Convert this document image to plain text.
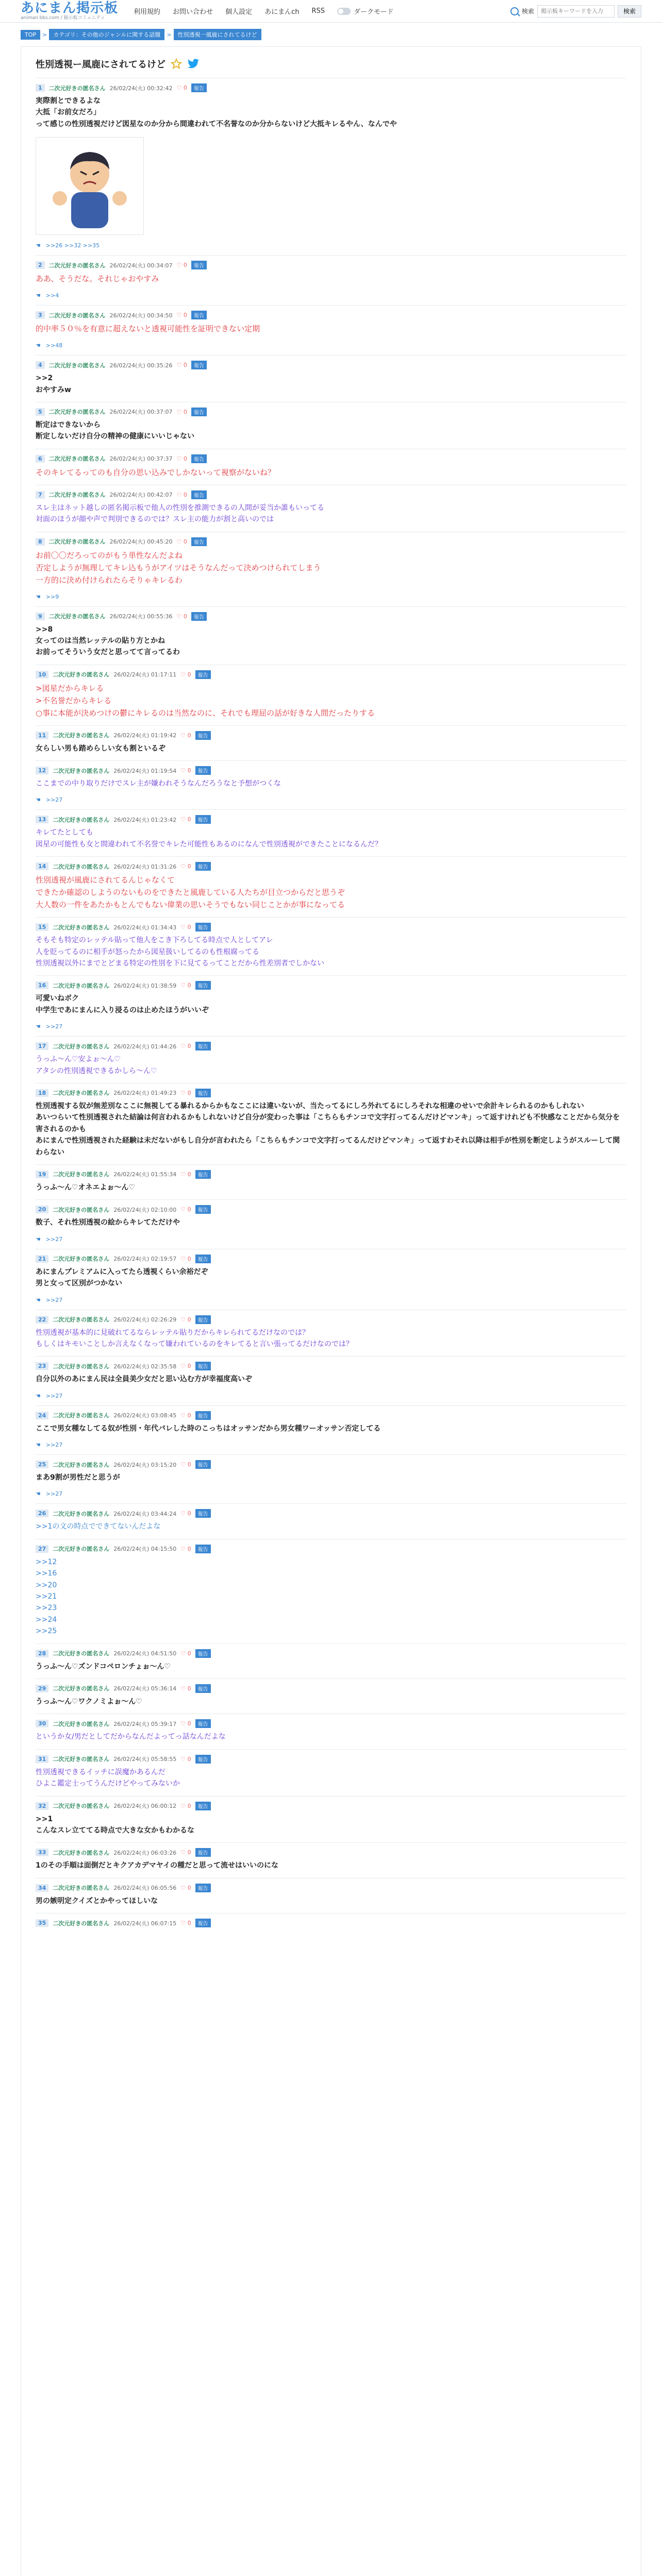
あにまん掲示板
animan bbs.com / 掲示板コミュニティ
利用規約 お問い合わせ 個人設定 あにまんch RSS	ダークモード	検索
掲示板キーワードを入力	検索
TOP	>	カテゴリ：その他のジャンルに関する話題	>	性別透視一風鹿にされてるけど
性別透視ー風鹿にされてるけど
1	二次元好きの匿名さん 26/02/24(火) 00:32:42 ♡ 0	報告
実際割とできるよな
大抵「お前女だろ」
って感じの性別透視だけど図星なのか分から間違われて不名誉なのか分からないけど大抵キレるやん、なんでや
☚ >>26 >>32 >>35
2	二次元好きの匿名さん 26/02/24(火) 00:34:07 ♡ 0	報告
ああ、そうだな。それじゃおやすみ
☚ >>4
3	二次元好きの匿名さん 26/02/24(火) 00:34:50 ♡ 0	報告
的中率５０％を有意に超えないと透視可能性を証明できない定期
☚ >>48
4	二次元好きの匿名さん 26/02/24(火) 00:35:26 ♡ 0	報告
>>2
おやすみw
5	二次元好きの匿名さん 26/02/24(火) 00:37:07 ♡ 0	報告
断定はできないから
断定しないだけ自分の精神の健康にいいじゃない
6	二次元好きの匿名さん 26/02/24(火) 00:37:37 ♡ 0	報告
そのキレてるってのも自分の思い込みでしかないって視察がないね？
7	二次元好きの匿名さん 26/02/24(火) 00:42:07 ♡ 0	報告
スレ主はネット越しの匿名掲示板で他人の性別を推測できるの人間が妥当か誰もいってる
対面のほうが顔や声で判別できるのでは？スレ主の能力が割と高いのでは
8	二次元好きの匿名さん 26/02/24(火) 00:45:20 ♡ 0	報告
お前〇〇だろってのがもう単性なんだよね
否定しようが無理してキレ込もうがアイツはそうなんだって決めつけられてしまう
一方的に決め付けられたらそりゃキレるわ
☚ >>9
9	二次元好きの匿名さん 26/02/24(火) 00:55:36 ♡ 0	報告
>>8
女ってのは当然レッテルの貼り方とかね
お前ってそういう女だと思ってて言ってるわ
10	二次元好きの匿名さん 26/02/24(火) 01:17:11 ♡ 0	報告
>図星だからキレる
>不名誉だからキレる
○事に本能が決めつけの鬱にキレるのは当然なのに、それでも理屈の話が好きな人間だったりする
11	二次元好きの匿名さん 26/02/24(火) 01:19:42 ♡ 0	報告
女らしい男も踏めらしい女も割といるぞ
12	二次元好きの匿名さん 26/02/24(火) 01:19:54 ♡ 0	報告
ここまでの中り取りだけでスレ主が嫌われそうなんだろうなと予想がつくな
☚ >>27
13	二次元好きの匿名さん 26/02/24(火) 01:23:42 ♡ 0	報告
キレてたとしても
図星の可能性も女と間違われて不名誉でキレた可能性もあるのになんで性別透視ができたことになるんだ？
14	二次元好きの匿名さん 26/02/24(火) 01:31:26 ♡ 0	報告
性別透視が風鹿にされてるんじゃなくて
できたか確認のしようのないものをできたと風鹿している人たちが目立つからだと思うぞ
大人数の一件をあたかもとんでもない偉業の思いそうでもない同じことかが事になってる
15	二次元好きの匿名さん 26/02/24(火) 01:34:43 ♡ 0	報告
そもそも特定のレッテル貼って他人をこき下ろしてる時点で人としてアレ
人を貶ってるのに相手が怒ったから図星扱いしてるのも性根腐ってる
性別透視以外にまでとどまる特定の性別を下に見てるってことだから性差別者でしかない
16	二次元好きの匿名さん 26/02/24(火) 01:38:59 ♡ 0	報告
可愛いねボク
中学生であにまんに入り浸るのは止めたほうがいいぞ
☚ >>27
17	二次元好きの匿名さん 26/02/24(火) 01:44:26 ♡ 0	報告
うっふ〜ん♡安よぉ〜ん♡
アタシの性別透視できるかしら〜ん♡
18	二次元好きの匿名さん 26/02/24(火) 01:49:23 ♡ 0	報告
性別透視する奴が無差別なここに無視してる暴れるからかもなここには違いないが、当たってるにしろ外れてるにしろそれな相違のせいで余計キレられるのかもしれない
あいつらいて性別透視された結論は何言われるかもしれないけど自分が変わった事は「こちらもチンコで文字打ってるんだけどマンキ」って返すけれども不快感なことだから気分を害されるのかも
あにまんで性別透視された経験は未だないがもし自分が言われたら「こちらもチンコで文字打ってるんだけどマンキ」って返すわそれ以降は相手が性別を断定しようがスルーして関わらない
19	二次元好きの匿名さん 26/02/24(火) 01:55:34 ♡ 0	報告
うっふ〜ん♡オネエよぉ〜ん♡
20	二次元好きの匿名さん 26/02/24(火) 02:10:00 ♡ 0	報告
数子、それ性別透視の絵からキレてただけや
☚ >>27
21	二次元好きの匿名さん 26/02/24(火) 02:19:57 ♡ 0	報告
あにまんプレミアムに入ってたら透視くらい余裕だぞ
男と女って区別がつかない
☚ >>27
22	二次元好きの匿名さん 26/02/24(火) 02:26:29 ♡ 0	報告
性別透視が基本的に見破れてるならレッテル貼りだからキレられてるだけなのでは？
もしくはキモいことしか言えなくなって嫌われているのをキレてると言い張ってるだけなのでは？
23	二次元好きの匿名さん 26/02/24(火) 02:35:58 ♡ 0	報告
自分以外のあにまん民は全員美少女だと思い込む方が幸福度高いぞ
☚ >>27
24	二次元好きの匿名さん 26/02/24(火) 03:08:45 ♡ 0	報告
ここで男女種なしてる奴が性別・年代バレした時のこっちはオッサンだから男女種ワーオッサン否定してる
☚ >>27
25	二次元好きの匿名さん 26/02/24(火) 03:15:20 ♡ 0	報告
まあ9割が男性だと思うが
☚ >>27
26	二次元好きの匿名さん 26/02/24(火) 03:44:24 ♡ 0	報告
>>1の文の時点でできてないんだよな
27	二次元好きの匿名さん 26/02/24(火) 04:15:50 ♡ 0	報告
>>12
>>16
>>20
>>21
>>23
>>24
>>25
28	二次元好きの匿名さん 26/02/24(火) 04:51:50 ♡ 0	報告
うっふ〜ん♡ズンドコペロンチょぉ〜ん♡
29	二次元好きの匿名さん 26/02/24(火) 05:36:14 ♡ 0	報告
うっふ〜ん♡ワクノミよぉ〜ん♡
30	二次元好きの匿名さん 26/02/24(火) 05:39:17 ♡ 0	報告
というか女/男だとしてだからなんだよってっ話なんだよな
31	二次元好きの匿名さん 26/02/24(火) 05:58:55 ♡ 0	報告
性別透視できるイッチに誤魔かあるんだ
ひよこ鑑定士ってうんだけどやってみないか
32	二次元好きの匿名さん 26/02/24(火) 06:00:12 ♡ 0	報告
>>1
こんなスレ立ててる時点で大きな女かもわかるな
33	二次元好きの匿名さん 26/02/24(火) 06:03:26 ♡ 0	報告
1のその手順は面倒だとキクアカデマヤイの種だと思って流せはいいのにな
34	二次元好きの匿名さん 26/02/24(火) 06:05:56 ♡ 0	報告
男の嫉明定クイズとかやってほしいな
35	二次元好きの匿名さん 26/02/24(火) 06:07:15 ♡ 0	報告
